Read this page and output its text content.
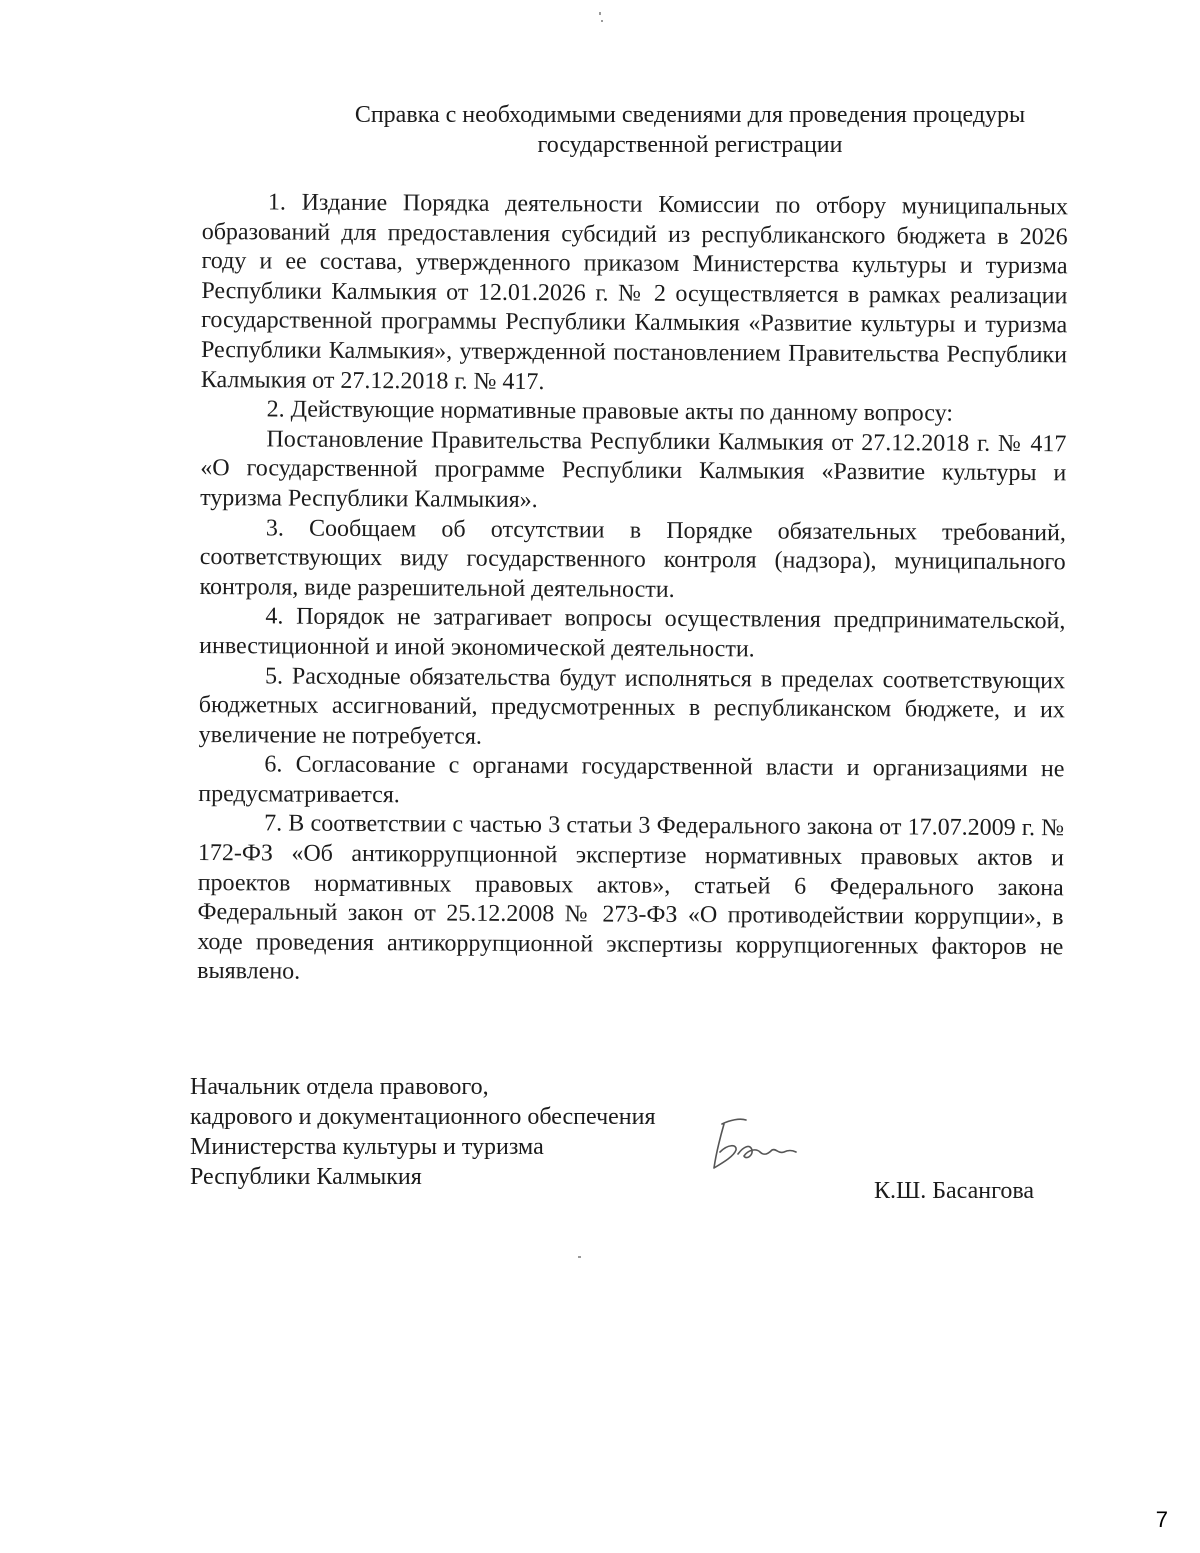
Справка с необходимыми сведениями для проведения процедуры
государственной регистрации

1. Издание Порядка деятельности Комиссии по отбору муниципальных образований для предоставления субсидий из республиканского бюджета в 2026 году и ее состава, утвержденного приказом Министерства культуры и туризма Республики Калмыкия от 12.01.2026 г. № 2 осуществляется в рамках реализации государственной программы Республики Калмыкия «Развитие культуры и туризма Республики Калмыкия», утвержденной постановлением Правительства Республики Калмыкия от 27.12.2018 г. № 417.

2. Действующие нормативные правовые акты по данному вопросу:

Постановление Правительства Республики Калмыкия от 27.12.2018 г. № 417 «О государственной программе Республики Калмыкия «Развитие культуры и туризма Республики Калмыкия».

3. Сообщаем об отсутствии в Порядке обязательных требований, соответствующих виду государственного контроля (надзора), муниципального контроля, виде разрешительной деятельности.

4. Порядок не затрагивает вопросы осуществления предпринимательской, инвестиционной и иной экономической деятельности.

5. Расходные обязательства будут исполняться в пределах соответствующих бюджетных ассигнований, предусмотренных в республиканском бюджете, и их увеличение не потребуется.

6. Согласование с органами государственной власти и организациями не предусматривается.

7. В соответствии с частью 3 статьи 3 Федерального закона от 17.07.2009 г. № 172-ФЗ «Об антикоррупционной экспертизе нормативных правовых актов и проектов нормативных правовых актов», статьей 6 Федерального закона Федеральный закон от 25.12.2008 № 273-ФЗ «О противодействии коррупции», в ходе проведения антикоррупционной экспертизы коррупциогенных факторов не выявлено.

Начальник отдела правового,
кадрового и документационного обеспечения
Министерства культуры и туризма
Республики Калмыкия
К.Ш. Басангова
7
